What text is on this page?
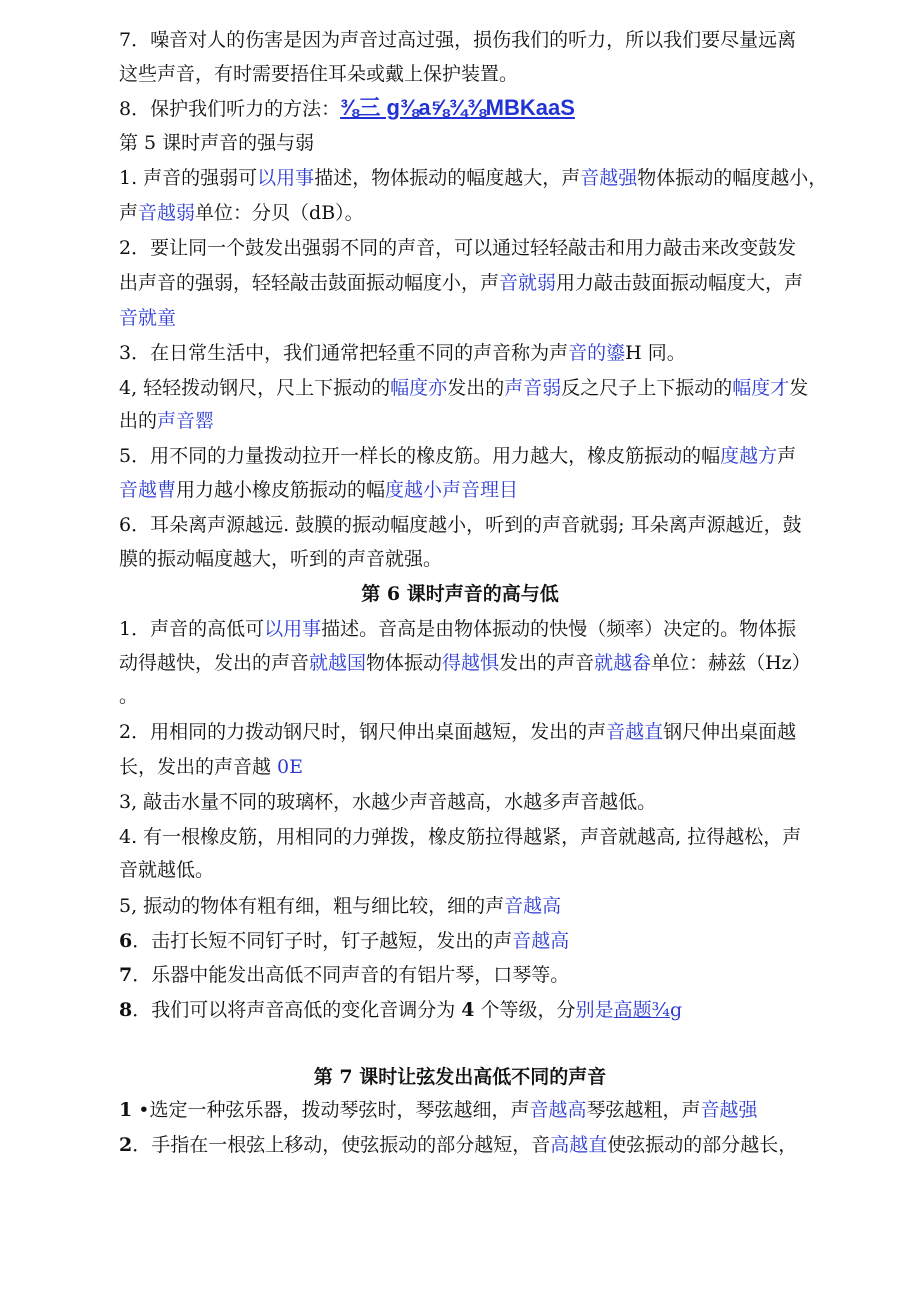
7．噪音对人的伤害是因为声音过高过强，损伤我们的听力，所以我们要尽量远离
这些声音，有时需要捂住耳朵或戴上保护装置。
8．保护我们听力的方法：⅜三 g⅜a⅝¾⅜MBKaaS
第 5 课时声音的强与弱
1. 声音的强弱可以用事描述，物体振动的幅度越大，声音越强物体振动的幅度越小，
声音越弱单位：分贝（dB）。
2．要让同一个鼓发出强弱不同的声音，可以通过轻轻敲击和用力敲击来改变鼓发
出声音的强弱，轻轻敲击鼓面振动幅度小，声音就弱用力敲击鼓面振动幅度大，声
音就童
3．在日常生活中，我们通常把轻重不同的声音称为声音的鎏H 同。
4, 轻轻拨动钢尺，尺上下振动的幅度亦发出的声音弱反之尺子上下振动的幅度才发
出的声音罂
5．用不同的力量拨动拉开一样长的橡皮筋。用力越大，橡皮筋振动的幅度越方声
音越曹用力越小橡皮筋振动的幅度越小声音理目
6．耳朵离声源越远. 鼓膜的振动幅度越小，听到的声音就弱; 耳朵离声源越近，鼓
膜的振动幅度越大，听到的声音就强。
第 6 课时声音的高与低
1．声音的高低可以用事描述。音高是由物体振动的快慢（频率）决定的。物体振
动得越快，发出的声音就越国物体振动得越惧发出的声音就越畚单位：赫兹（Hz）
。
2．用相同的力拨动钢尺时，钢尺伸出桌面越短，发出的声音越直钢尺伸出桌面越
长，发出的声音越 0E
3, 敲击水量不同的玻璃杯，水越少声音越高，水越多声音越低。
4. 有一根橡皮筋，用相同的力弹拨，橡皮筋拉得越紧，声音就越高, 拉得越松，声
音就越低。
5, 振动的物体有粗有细，粗与细比较，细的声音越高
6．击打长短不同钉子时，钉子越短，发出的声音越高
7．乐器中能发出高低不同声音的有铝片琴，口琴等。
8．我们可以将声音高低的变化音调分为 4 个等级，分别是高题¾g
第 7 课时让弦发出高低不同的声音
1 •选定一种弦乐器，拨动琴弦时，琴弦越细，声音越高琴弦越粗，声音越强
2．手指在一根弦上移动，使弦振动的部分越短，音高越直使弦振动的部分越长，
